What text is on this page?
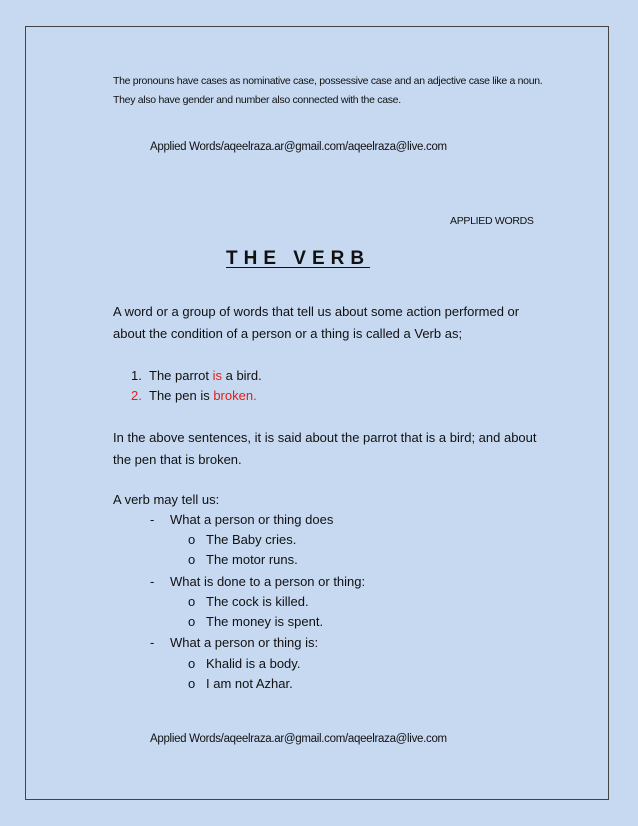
The pronouns have cases as nominative case, possessive case and an adjective case like a noun.
They also have gender and number also connected with the case.
Applied Words/aqeelraza.ar@gmail.com/aqeelraza@live.com
APPLIED WORDS
THE VERB
A word or a group of words that tell us about some action performed or
about the condition of a person or a thing is called a Verb as;
1. The parrot is a bird.
2. The pen is broken.
In the above sentences, it is said about the parrot that is a bird; and about
the pen that is broken.
A verb may tell us:
- What a person or thing does
o The Baby cries.
o The motor runs.
- What is done to a person or thing:
o The cock is killed.
o The money is spent.
- What a person or thing is:
o Khalid is a body.
o I am not Azhar.
Applied Words/aqeelraza.ar@gmail.com/aqeelraza@live.com
